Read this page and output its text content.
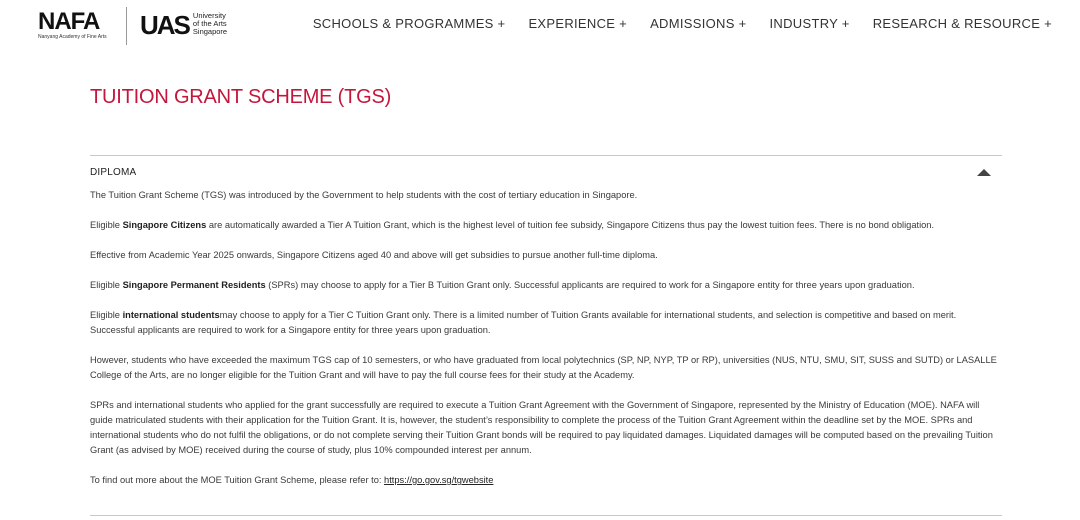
NAFA
Nanyang Academy of Fine Arts	UAS University
of the Arts
Singapore
SCHOOLS & PROGRAMMES + EXPERIENCE + ADMISSIONS + INDUSTRY + RESEARCH & RESOURCE +
TUITION GRANT SCHEME (TGS)
DIPLOMA

The Tuition Grant Scheme (TGS) was introduced by the Government to help students with the cost of tertiary education in Singapore.

Eligible Singapore Citizens are automatically awarded a Tier A Tuition Grant, which is the highest level of tuition fee subsidy, Singapore Citizens thus pay the lowest tuition fees. There is no bond obligation.

Effective from Academic Year 2025 onwards, Singapore Citizens aged 40 and above will get subsidies to pursue another full-time diploma.

Eligible Singapore Permanent Residents (SPRs) may choose to apply for a Tier B Tuition Grant only. Successful applicants are required to work for a Singapore entity for three years upon graduation.

Eligible international studentsmay choose to apply for a Tier C Tuition Grant only. There is a limited number of Tuition Grants available for international students, and selection is competitive and based on merit. Successful applicants are required to work for a Singapore entity for three years upon graduation.

However, students who have exceeded the maximum TGS cap of 10 semesters, or who have graduated from local polytechnics (SP, NP, NYP, TP or RP), universities (NUS, NTU, SMU, SIT, SUSS and SUTD) or LASALLE College of the Arts, are no longer eligible for the Tuition Grant and will have to pay the full course fees for their study at the Academy.

SPRs and international students who applied for the grant successfully are required to execute a Tuition Grant Agreement with the Government of Singapore, represented by the Ministry of Education (MOE). NAFA will guide matriculated students with their application for the Tuition Grant. It is, however, the student’s responsibility to complete the process of the Tuition Grant Agreement within the deadline set by the MOE. SPRs and international students who do not fulfil the obligations, or do not complete serving their Tuition Grant bonds will be required to pay liquidated damages. Liquidated damages will be computed based on the prevailing Tuition Grant (as advised by MOE) received during the course of study, plus 10% compounded interest per annum.

To find out more about the MOE Tuition Grant Scheme, please refer to: https://go.gov.sg/tgwebsite
